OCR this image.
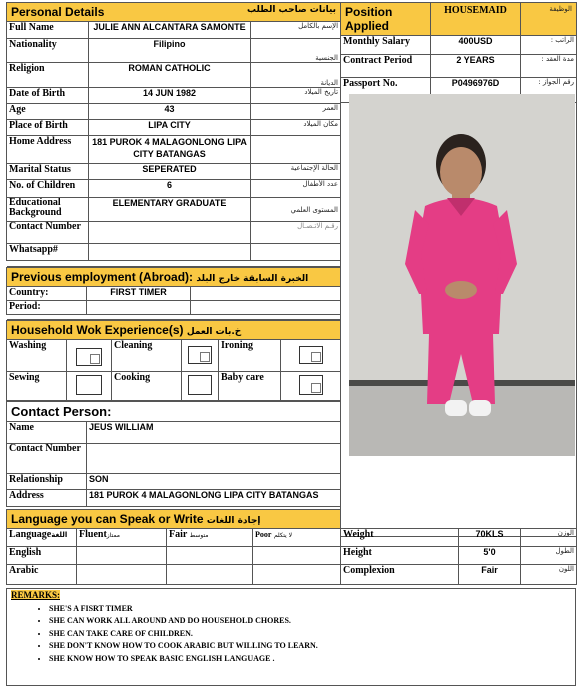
Personal Details بيانات صاحب الطلب		

Full Name	JULIE ANN ALCANTARA SAMONTE	الإسم بالكامل
Nationality	Filipino	الجنسية
Religion	ROMAN CATHOLIC	الديانة
Date of Birth	14 JUN 1982	تاريخ الميلاد
Age	43	العمر
Place of Birth	LIPA CITY	مكان الميلاد
Home Address	181 PUROK 4 MALAGONLONG LIPA CITY BATANGAS	
Marital Status	SEPERATED	الحالة الإجتماعية
No. of Children	6	عدد الأطفال
Educational Background	ELEMENTARY GRADUATE	المستوى العلمي
Contact Number		رقـم الاتـصـال
Whatsapp#		

Previous employment (Abroad): الخبرة السابقة خارج البلد		
Country:	FIRST TIMER	
Period:		

Household Wok Experience(s) خ.بات العمل					
Washing		Cleaning		Ironing	

Sewing		Cooking		Baby care	
Contact Person:	
Name	JEUS WILLIAM
Contact Number	
Relationship	SON
Address	181 PUROK 4 MALAGONLONG LIPA CITY BATANGAS

Language you can Speak or Write إجادة اللغات	
Position Applied	HOUSEMAID	الوظيفة
Monthly Salary	400USD	الراتب :
Contract Period	2 YEARS	مدة العقد :
Passport No.	P0496976D	رقم الجواز :

Languageاللغة	Fluentممتاز	Fair متوسط	Poor لا يتكلم	Weight	70KLS	الوزن
English				Height	5'0	الطول
Arabic				Complexion	Fair	اللون
REMARKS:
• SHE'S A FISRT TIMER
• SHE CAN WORK ALL AROUND AND DO HOUSEHOLD CHORES.
• SHE CAN TAKE CARE OF CHILDREN.
• SHE DON'T KNOW HOW TO COOK ARABIC BUT WILLING TO LEARN.
• SHE KNOW HOW TO SPEAK BASIC ENGLISH LANGUAGE .
